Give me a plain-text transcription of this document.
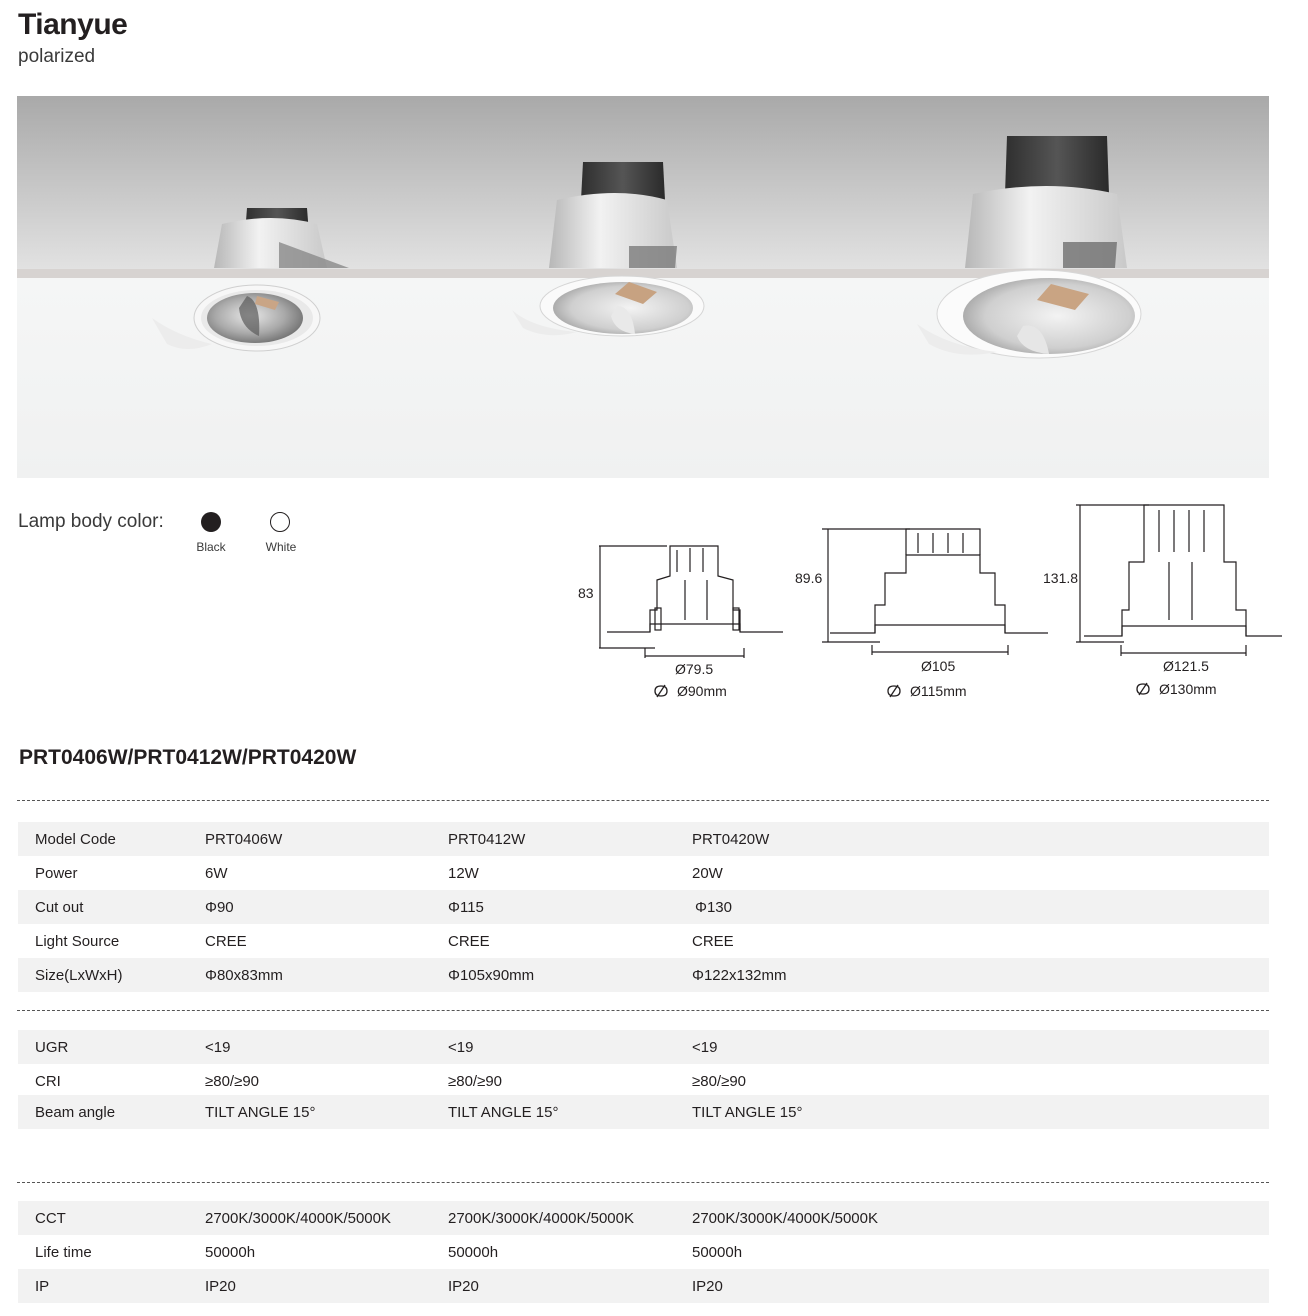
Tianyue
polarized
Lamp body color:
Black	White
83
Ø79.5
Ø90mm
89.6
Ø105
Ø115mm
131.8
Ø121.5
Ø130mm
PRT0406W/PRT0412W/PRT0420W
Model Code	PRT0406W	PRT0412W	PRT0420W
Power	6W	12W	20W
Cut out	Φ90	Φ115	Φ130
Light Source	CREE	CREE	CREE
Size(LxWxH)	Φ80x83mm	Φ105x90mm	Φ122x132mm
UGR	<19	<19	<19
CRI	≥80/≥90	≥80/≥90	≥80/≥90
Beam angle	TILT ANGLE 15°	TILT ANGLE 15°	TILT ANGLE 15°
CCT	2700K/3000K/4000K/5000K	2700K/3000K/4000K/5000K	2700K/3000K/4000K/5000K
Life time	50000h	50000h	50000h
IP	IP20	IP20	IP20
